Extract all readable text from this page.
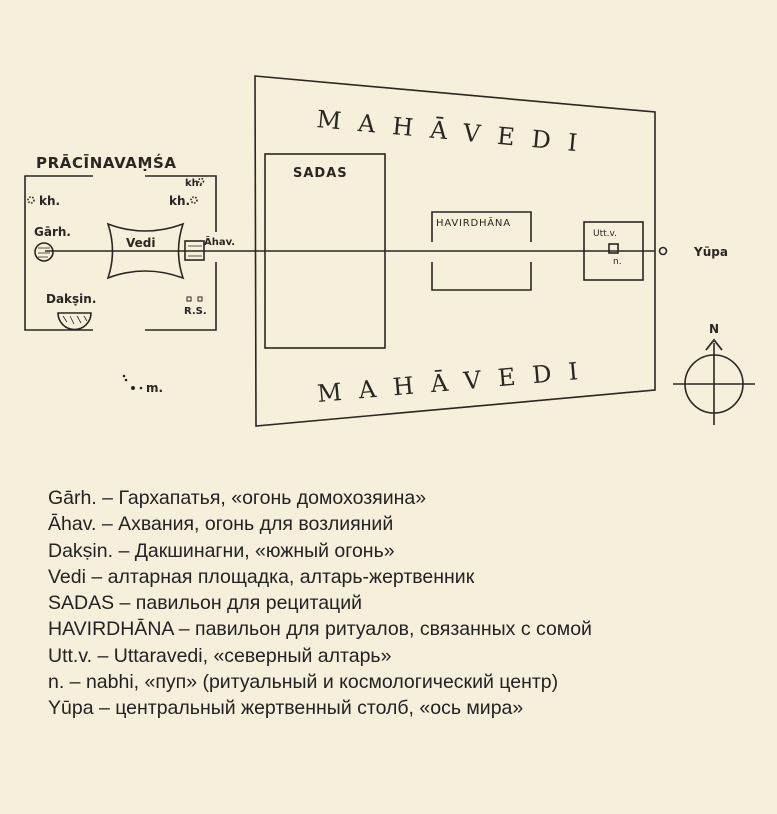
MAHĀVEDI
MAHĀVEDI
PRĀCĪNAVAṂŚA
SADAS
HAVIRDHĀNA
Utt.v.
n.
Yūpa
Vedi
Gārh.
Āhav.
Dakṣin.
kh.	kh.
kh.
R.S.
m.
N
Gārh. – Гархапатья, «огонь домохозяина»
Āhav. – Ахвания, огонь для возлияний
Dakṣin. – Дакшинагни, «южный огонь»
Vedi – алтарная площадка, алтарь-жертвенник
SADAS – павильон для рецитаций
HAVIRDHĀNA – павильон для ритуалов, связанных с сомой
Utt.v. – Uttaravedi, «северный алтарь»
n. – nabhi, «пуп» (ритуальный и космологический центр)
Yūpa – центральный жертвенный столб, «ось мира»
